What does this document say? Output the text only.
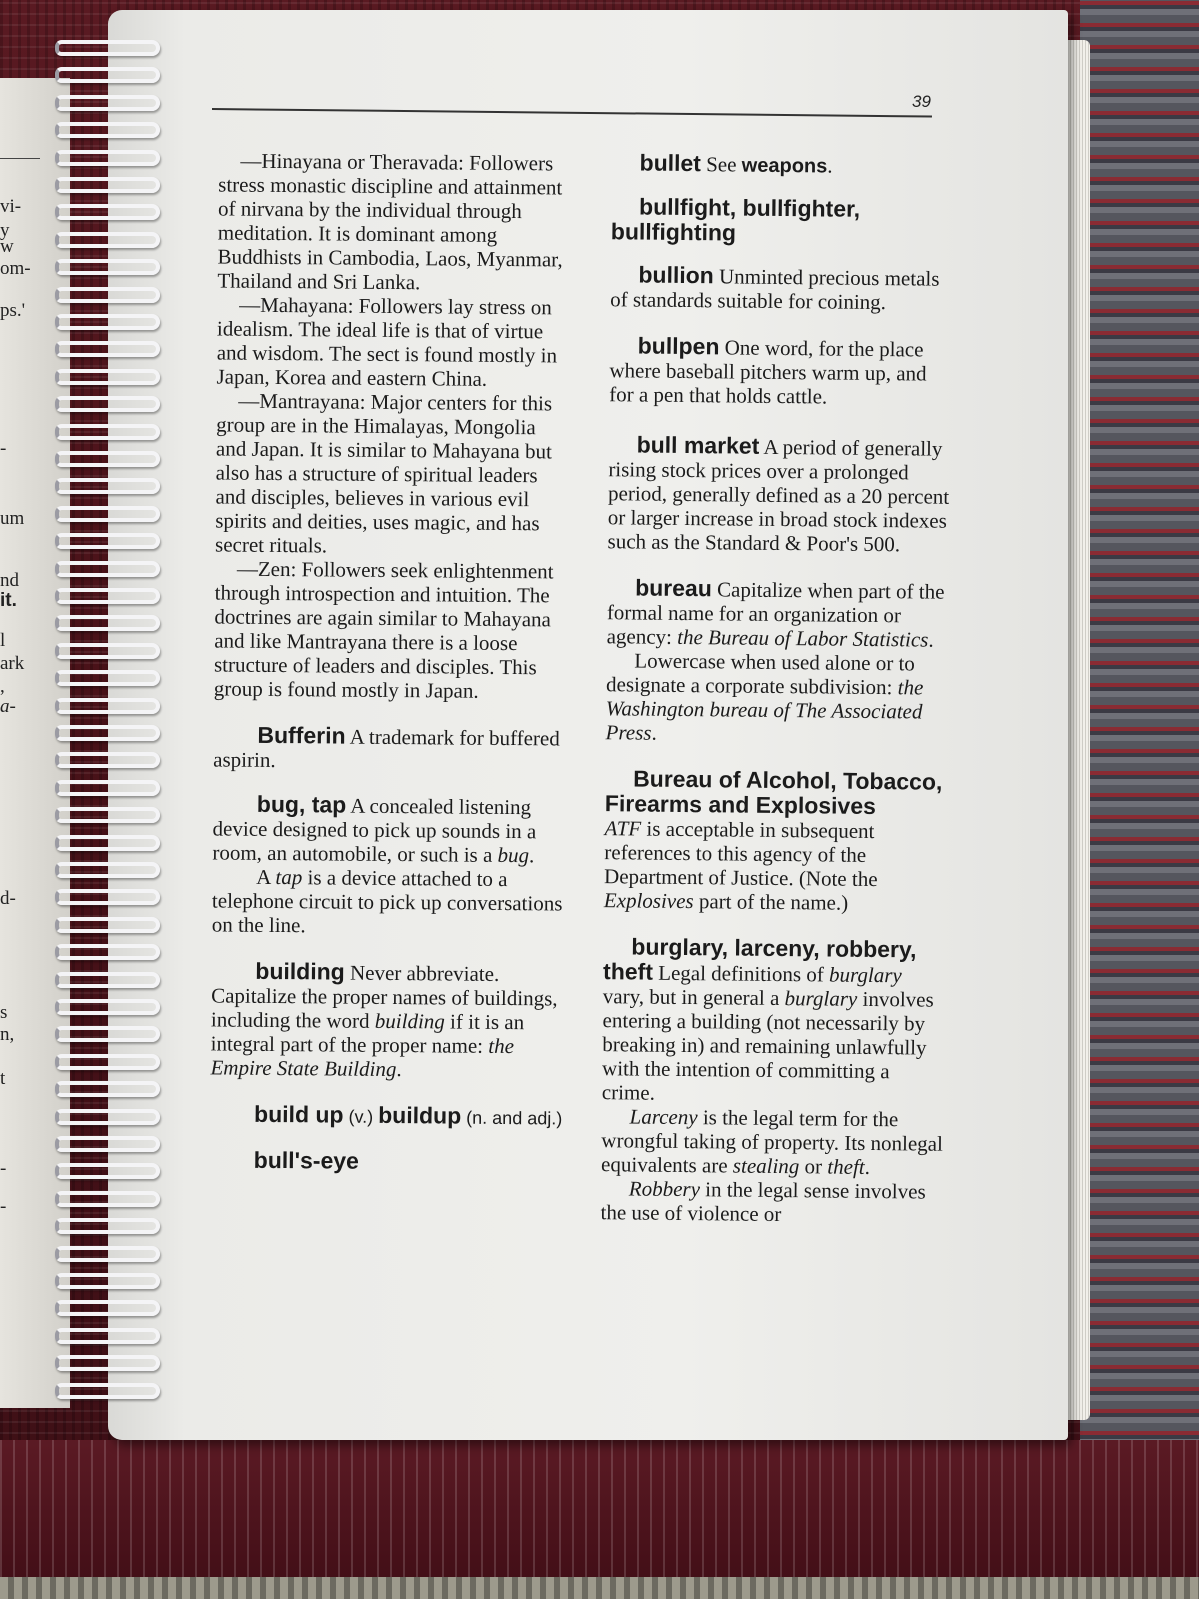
vi-
y
w
om-
ps.'
-
um
nd
it.
l
ark
,
a-
d-
s
n,
t
-
-
39

—Hinayana or Theravada: Followers stress monastic discipline and attainment of nirvana by the individual through meditation. It is dominant among Buddhists in Cambodia, Laos, Myanmar, Thailand and Sri Lanka.

—Mahayana: Followers lay stress on idealism. The ideal life is that of virtue and wisdom. The sect is found mostly in Japan, Korea and eastern China.

—Mantrayana: Major centers for this group are in the Himalayas, Mongolia and Japan. It is similar to Mahayana but also has a structure of spiritual leaders and disciples, believes in various evil spirits and deities, uses magic, and has secret rituals.

—Zen: Followers seek enlightenment through introspection and intuition. The doctrines are again similar to Mahayana and like Mantrayana there is a loose structure of leaders and disciples. This group is found mostly in Japan.

Bufferin A trademark for buffered aspirin.

bug, tap A concealed listening device designed to pick up sounds in a room, an automobile, or such is a bug.

A tap is a device attached to a telephone circuit to pick up conversations on the line.

building Never abbreviate. Capitalize the proper names of buildings, including the word building if it is an integral part of the proper name: the Empire State Building.

build up (v.) buildup (n. and adj.)

bull's-eye

bullet See weapons.

bullfight, bullfighter, bullfighting

bullion Unminted precious metals of standards suitable for coining.

bullpen One word, for the place where baseball pitchers warm up, and for a pen that holds cattle.

bull market A period of generally rising stock prices over a prolonged period, generally defined as a 20 percent or larger increase in broad stock indexes such as the Standard & Poor's 500.

bureau Capitalize when part of the formal name for an organization or agency: the Bureau of Labor Statistics.

Lowercase when used alone or to designate a corporate subdivision: the Washington bureau of The Associated Press.

Bureau of Alcohol, Tobacco, Firearms and Explosives

ATF is acceptable in subsequent references to this agency of the Department of Justice. (Note the Explosives part of the name.)

burglary, larceny, robbery, theft Legal definitions of burglary vary, but in general a burglary involves entering a building (not necessarily by breaking in) and remaining unlawfully with the intention of committing a crime.

Larceny is the legal term for the wrongful taking of property. Its nonlegal equivalents are stealing or theft.

Robbery in the legal sense involves the use of violence or
